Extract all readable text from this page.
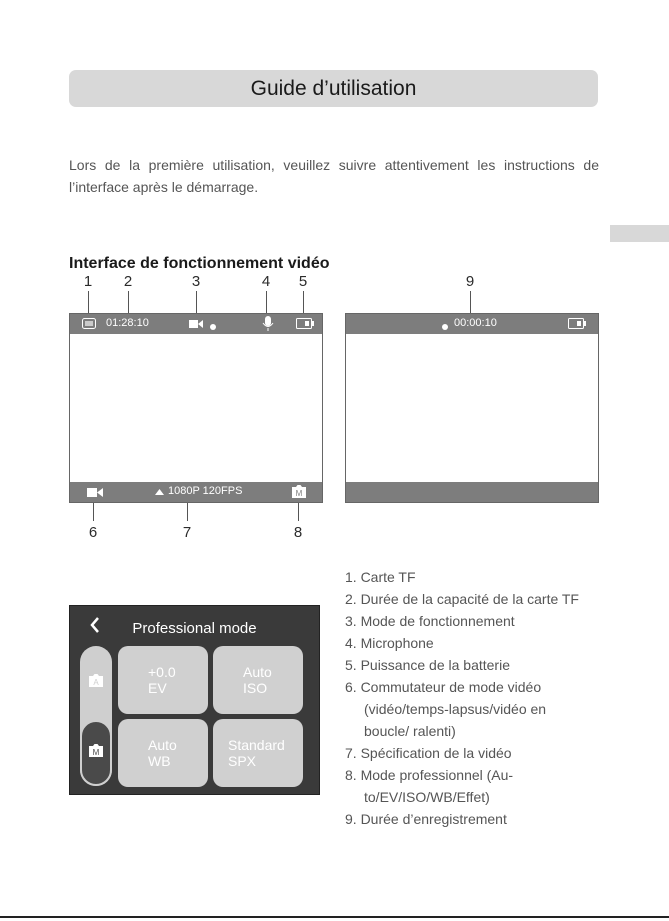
Guide d’utilisation
Lors de la première utilisation, veuillez suivre attentivement les instructions de l’interface après le démarrage.
Interface de fonctionnement vidéo
1	2	3	4	5	9
6	7	8
01:28:10
1080P 120FPS	M
00:00:10
Professional mode
A
M
+0.0
EV
Auto
ISO
Auto
WB
Standard
SPX
1. Carte TF
2. Durée de la capacité de la carte TF
3. Mode de fonctionnement
4. Microphone
5. Puissance de la batterie
6. Commutateur de mode vidéo
(vidéo/temps-lapsus/vidéo en
boucle/ ralenti)
7. Spécification de la vidéo
8. Mode professionnel (Au-
to/EV/ISO/WB/Effet)
9. Durée d’enregistrement
